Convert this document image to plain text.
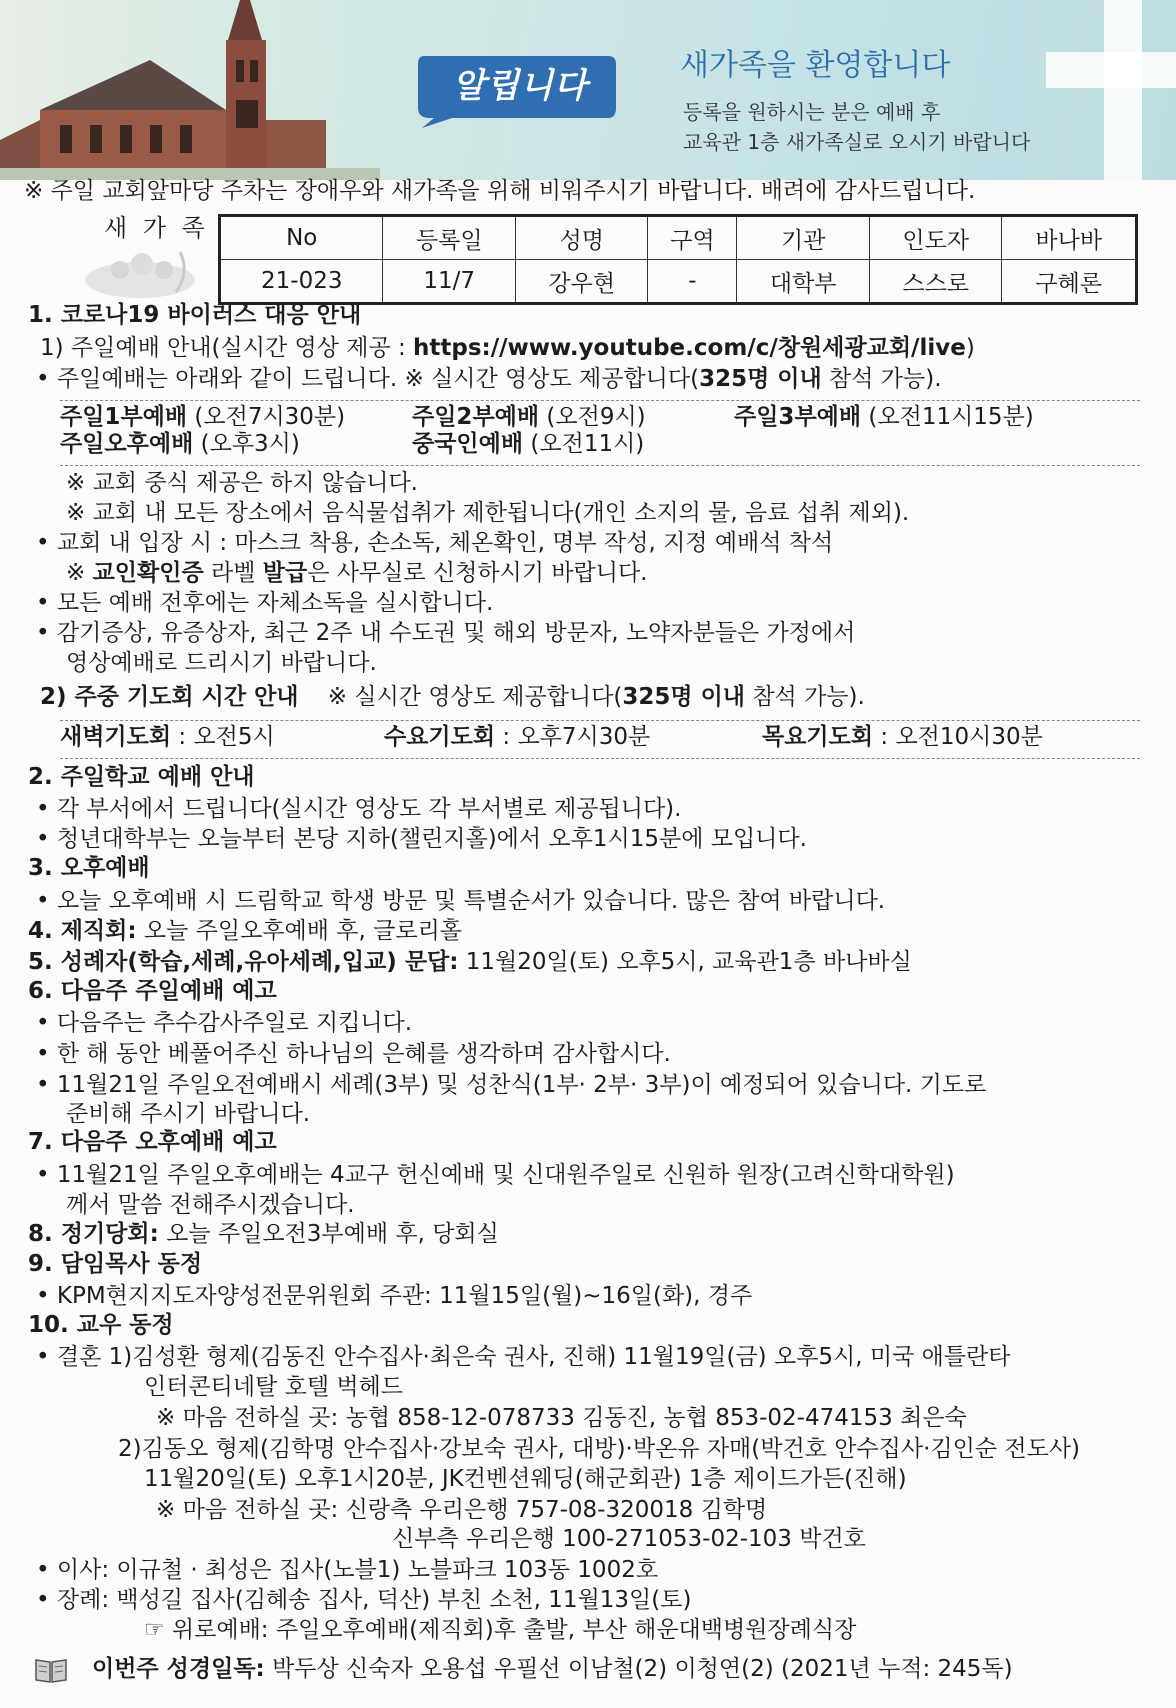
알립니다
새가족을 환영합니다
등록을 원하시는 분은 예배 후
교육관 1층 새가족실로 오시기 바랍니다
※ 주일 교회앞마당 주차는 장애우와 새가족을 위해 비워주시기 바랍니다. 배려에 감사드립니다.
새 가 족	No	등록일	성명	구역	기관	인도자	바나바
21-023	11/7	강우현	-	대학부	스스로	구혜론
1. 코로나19 바이러스 대응 안내
1) 주일예배 안내(실시간 영상 제공 : https://www.youtube.com/c/창원세광교회/live)
• 주일예배는 아래와 같이 드립니다. ※ 실시간 영상도 제공합니다(325명 이내 참석 가능).
주일1부예배 (오전7시30분)	주일2부예배 (오전9시)	주일3부예배 (오전11시15분)
주일오후예배 (오후3시)	중국인예배 (오전11시)
※ 교회 중식 제공은 하지 않습니다.
※ 교회 내 모든 장소에서 음식물섭취가 제한됩니다(개인 소지의 물, 음료 섭취 제외).
• 교회 내 입장 시 : 마스크 착용, 손소독, 체온확인, 명부 작성, 지정 예배석 착석
※ 교인확인증 라벨 발급은 사무실로 신청하시기 바랍니다.
• 모든 예배 전후에는 자체소독을 실시합니다.
• 감기증상, 유증상자, 최근 2주 내 수도권 및 해외 방문자, 노약자분들은 가정에서
영상예배로 드리시기 바랍니다.
2) 주중 기도회 시간 안내 ※ 실시간 영상도 제공합니다(325명 이내 참석 가능).
새벽기도회 : 오전5시	수요기도회 : 오후7시30분	목요기도회 : 오전10시30분
2. 주일학교 예배 안내
• 각 부서에서 드립니다(실시간 영상도 각 부서별로 제공됩니다).
• 청년대학부는 오늘부터 본당 지하(챌린지홀)에서 오후1시15분에 모입니다.
3. 오후예배
• 오늘 오후예배 시 드림학교 학생 방문 및 특별순서가 있습니다. 많은 참여 바랍니다.
4. 제직회: 오늘 주일오후예배 후, 글로리홀
5. 성례자(학습,세례,유아세례,입교) 문답: 11월20일(토) 오후5시, 교육관1층 바나바실
6. 다음주 주일예배 예고
• 다음주는 추수감사주일로 지킵니다.
• 한 해 동안 베풀어주신 하나님의 은혜를 생각하며 감사합시다.
• 11월21일 주일오전예배시 세례(3부) 및 성찬식(1부· 2부· 3부)이 예정되어 있습니다. 기도로
준비해 주시기 바랍니다.
7. 다음주 오후예배 예고
• 11월21일 주일오후예배는 4교구 헌신예배 및 신대원주일로 신원하 원장(고려신학대학원)
께서 말씀 전해주시겠습니다.
8. 정기당회: 오늘 주일오전3부예배 후, 당회실
9. 담임목사 동정
• KPM현지지도자양성전문위원회 주관: 11월15일(월)~16일(화), 경주
10. 교우 동정
• 결혼 1)김성환 형제(김동진 안수집사·최은숙 권사, 진해) 11월19일(금) 오후5시, 미국 애틀란타
인터콘티네탈 호텔 벅헤드
※ 마음 전하실 곳: 농협 858-12-078733 김동진, 농협 853-02-474153 최은숙
2)김동오 형제(김학명 안수집사·강보숙 권사, 대방)·박온유 자매(박건호 안수집사·김인순 전도사)
11월20일(토) 오후1시20분, JK컨벤션웨딩(해군회관) 1층 제이드가든(진해)
※ 마음 전하실 곳: 신랑측 우리은행 757-08-320018 김학명
신부측 우리은행 100-271053-02-103 박건호
• 이사: 이규철 · 최성은 집사(노블1) 노블파크 103동 1002호
• 장례: 백성길 집사(김혜송 집사, 덕산) 부친 소천, 11월13일(토)
☞ 위로예배: 주일오후예배(제직회)후 출발, 부산 해운대백병원장례식장
이번주 성경일독: 박두상 신숙자 오용섭 우필선 이남철(2) 이청연(2) (2021년 누적: 245독)
